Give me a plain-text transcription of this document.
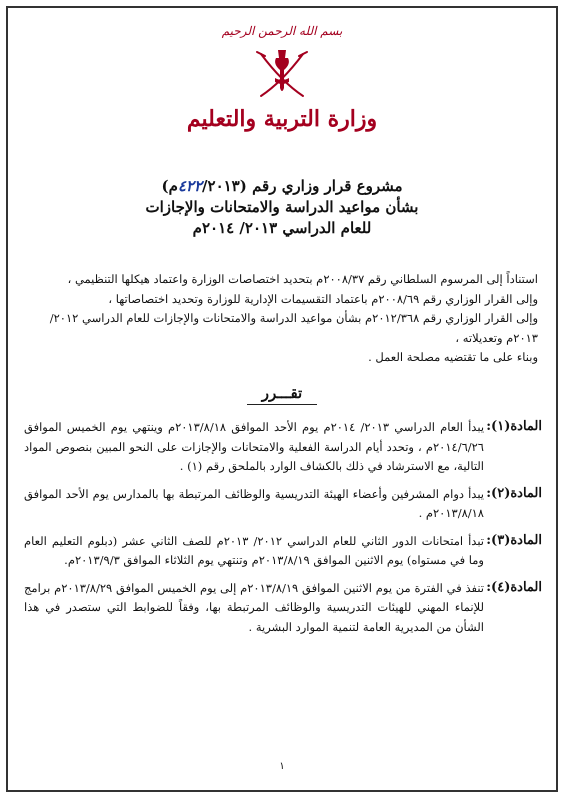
بسم الله الرحمن الرحيم
وزارة التربية والتعليم
مشروع قرار وزاري رقم (٤٢٢/٢٠١٣م)
بشأن مواعيد الدراسة والامتحانات والإجازات
للعام الدراسي ٢٠١٣/ ٢٠١٤م
استناداً إلى المرسوم السلطاني رقم ٢٠٠٨/٣٧م بتحديد اختصاصات الوزارة واعتماد هيكلها التنظيمي ،
وإلى القرار الوزاري رقم ٢٠٠٨/٦٩م باعتماد التقسيمات الإدارية للوزارة وتحديد اختصاصاتها ،
وإلى القرار الوزاري رقم ٢٠١٢/٣٦٨م بشأن مواعيد الدراسة والامتحانات والإجازات للعام الدراسي ٢٠١٢/ ٢٠١٣م وتعديلاته ،
وبناء على ما تقتضيه مصلحة العمل .
تقـــرر
المادة(١):
يبدأ العام الدراسي ٢٠١٣/ ٢٠١٤م يوم الأحد الموافق ٢٠١٣/٨/١٨م وينتهي يوم الخميس الموافق ٢٠١٤/٦/٢٦م ، وتحدد أيام الدراسة الفعلية والامتحانات والإجازات على النحو المبين بنصوص المواد التالية، مع الاسترشاد في ذلك بالكشاف الوارد بالملحق رقم (١) .
المادة(٢):
يبدأ دوام المشرفين وأعضاء الهيئة التدريسية والوظائف المرتبطة بها بالمدارس يوم الأحد الموافق ٢٠١٣/٨/١٨م .
المادة(٣):
تبدأ امتحانات الدور الثاني للعام الدراسي ٢٠١٢/ ٢٠١٣م للصف الثاني عشر (دبلوم التعليم العام وما في مستواه) يوم الاثنين الموافق ٢٠١٣/٨/١٩م وتنتهي يوم الثلاثاء الموافق ٢٠١٣/٩/٣م.
المادة(٤):
تنفذ في الفترة من يوم الاثنين الموافق ٢٠١٣/٨/١٩م إلى يوم الخميس الموافق ٢٠١٣/٨/٢٩م برامج للإنماء المهني للهيئات التدريسية والوظائف المرتبطة بها، وفقاً للضوابط التي ستصدر في هذا الشأن من المديرية العامة لتنمية الموارد البشرية .
١
